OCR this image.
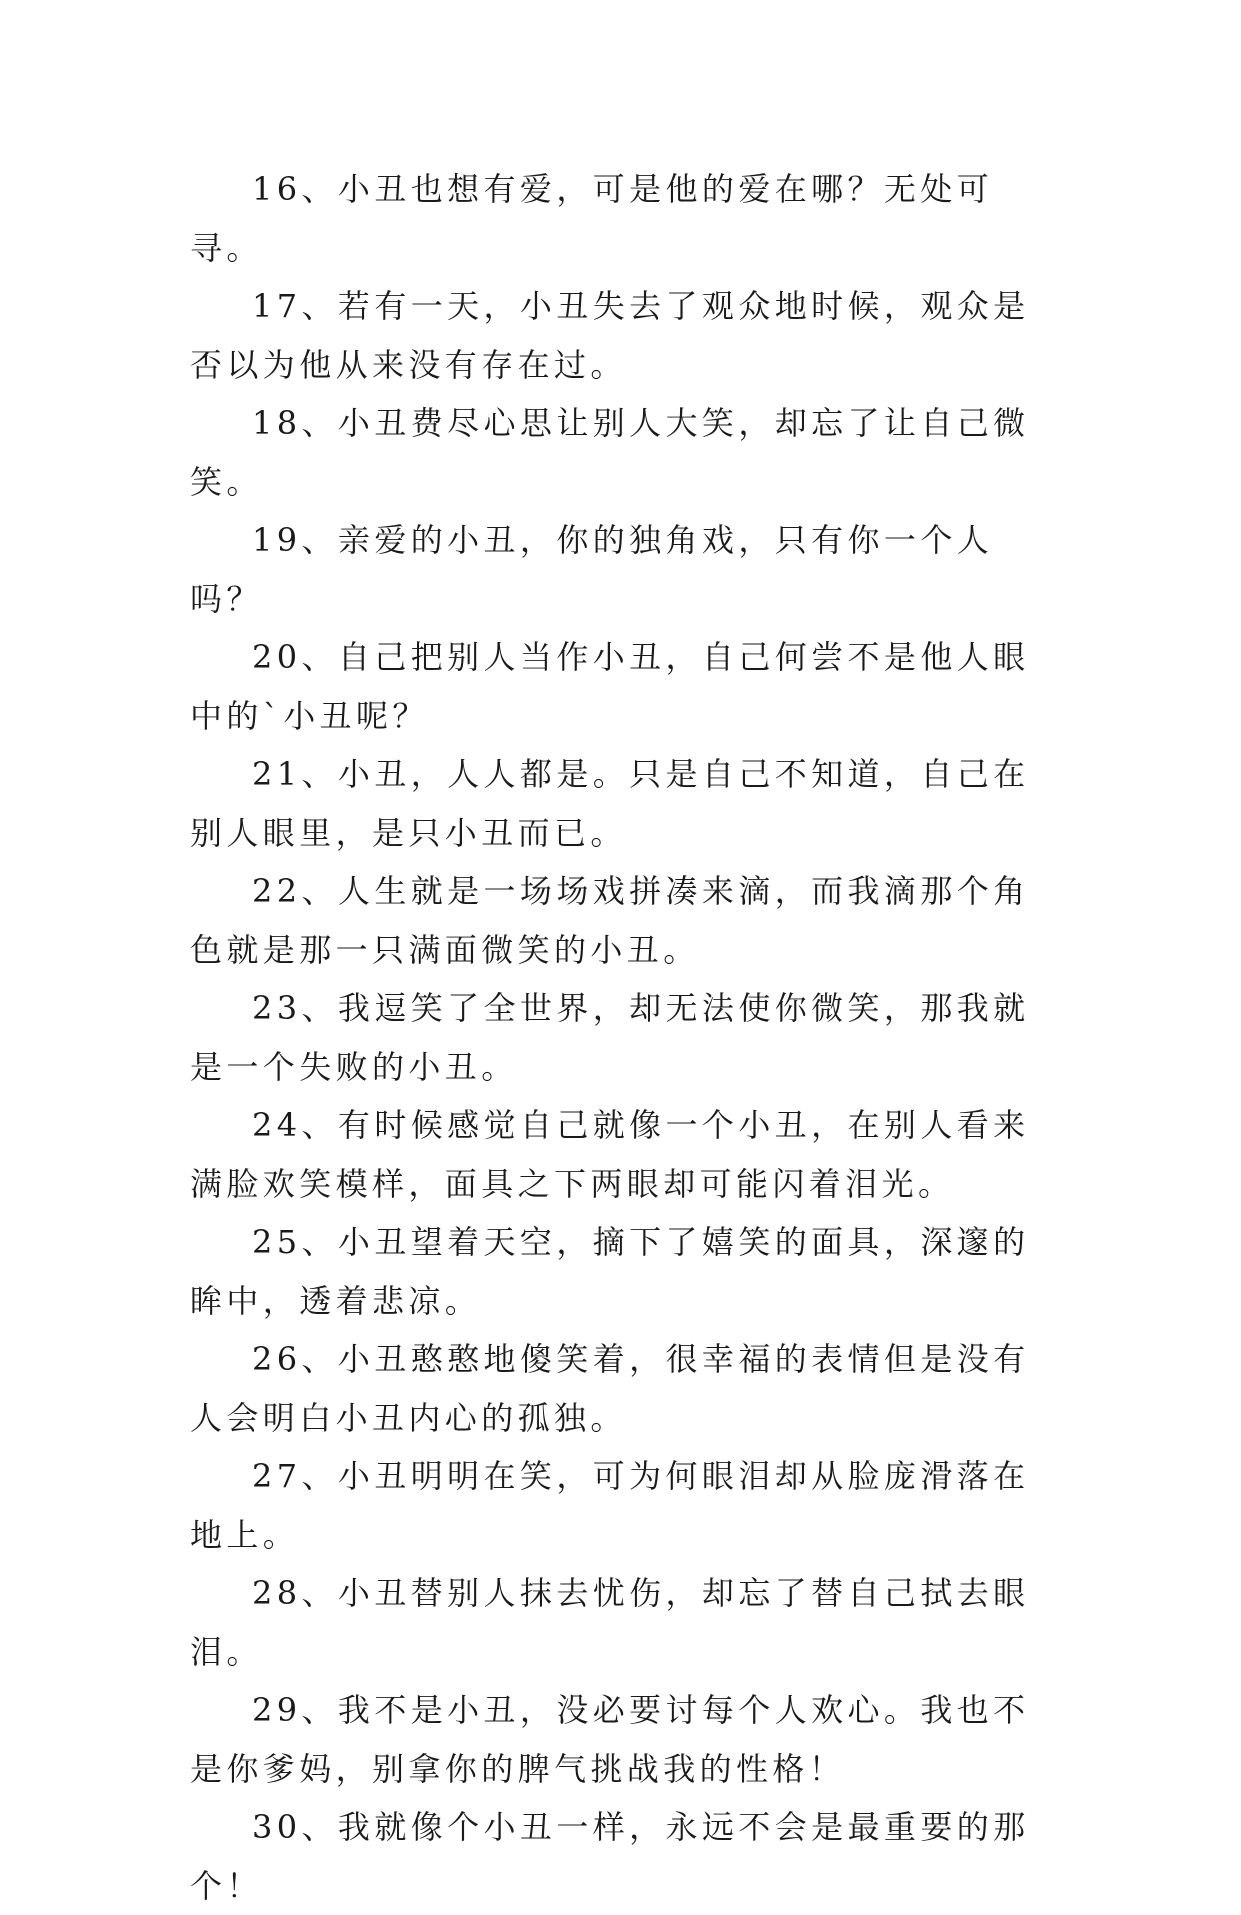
16、小丑也想有爱，可是他的爱在哪？无处可寻。

17、若有一天，小丑失去了观众地时候，观众是否以为他从来没有存在过。

18、小丑费尽心思让别人大笑，却忘了让自己微笑。

19、亲爱的小丑，你的独角戏，只有你一个人吗？

20、自己把别人当作小丑，自己何尝不是他人眼中的`小丑呢？

21、小丑，人人都是。只是自己不知道，自己在别人眼里，是只小丑而已。

22、人生就是一场场戏拼凑来滴，而我滴那个角色就是那一只满面微笑的小丑。

23、我逗笑了全世界，却无法使你微笑，那我就是一个失败的小丑。

24、有时候感觉自己就像一个小丑，在别人看来满脸欢笑模样，面具之下两眼却可能闪着泪光。

25、小丑望着天空，摘下了嬉笑的面具，深邃的眸中，透着悲凉。

26、小丑憨憨地傻笑着，很幸福的表情但是没有人会明白小丑内心的孤独。

27、小丑明明在笑，可为何眼泪却从脸庞滑落在地上。

28、小丑替别人抹去忧伤，却忘了替自己拭去眼泪。

29、我不是小丑，没必要讨每个人欢心。我也不是你爹妈，别拿你的脾气挑战我的性格！

30、我就像个小丑一样，永远不会是最重要的那个！
